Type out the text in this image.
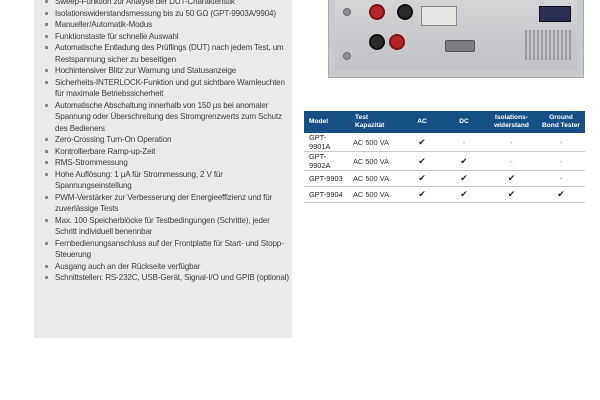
Sweep-Funktion zur Analyse der DUT-Charakteristik
Isolationswiderstandsmessung bis zu 50 GΩ (GPT-9903A/9904)
Manueller/Automatik-Modus
Funktionstaste für schnelle Auswahl
Automatische Entladung des Prüflings (DUT) nach jedem Test, um Restspannung sicher zu beseitigen
Hochintensiver Blitz zur Warnung und Statusanzeige
Sicherheits-INTERLOCK-Funktion und gut sichtbare Warnleuchten für maximale Betriebssicherheit
Automatische Abschaltung innerhalb von 150 µs bei anomaler Spannung oder Überschreitung des Stromgrenzwerts zum Schutz des Bedieners
Zero-Crossing Turn-On Operation
Kontrollierbare Ramp-up-Zeit
RMS-Strommessung
Hohe Auflösung: 1 µA für Strommessung, 2 V für Spannungseinstellung
PWM-Verstärker zur Verbesserung der Energieeffizienz und für zuverlässige Tests
Max. 100 Speicherblöcke für Testbedingungen (Schritte), jeder Schritt individuell benennbar
Fernbedienungsanschluss auf der Frontplatte für Start- und Stopp-Steuerung
Ausgang auch an der Rückseite verfügbar
Schnittstellen: RS-232C, USB-Gerät, Signal-I/O und GPIB (optional)
Model	Test Kapazität	AC	DC	Isolations-widerstand	Ground Bond Tester
GPT-9901A	AC 500 VA	✔	-	-	-
GPT-9902A	AC 500 VA	✔	✔	-	-
GPT-9903	AC 500 VA	✔	✔	✔	-
GPT-9904	AC 500 VA	✔	✔	✔	✔
